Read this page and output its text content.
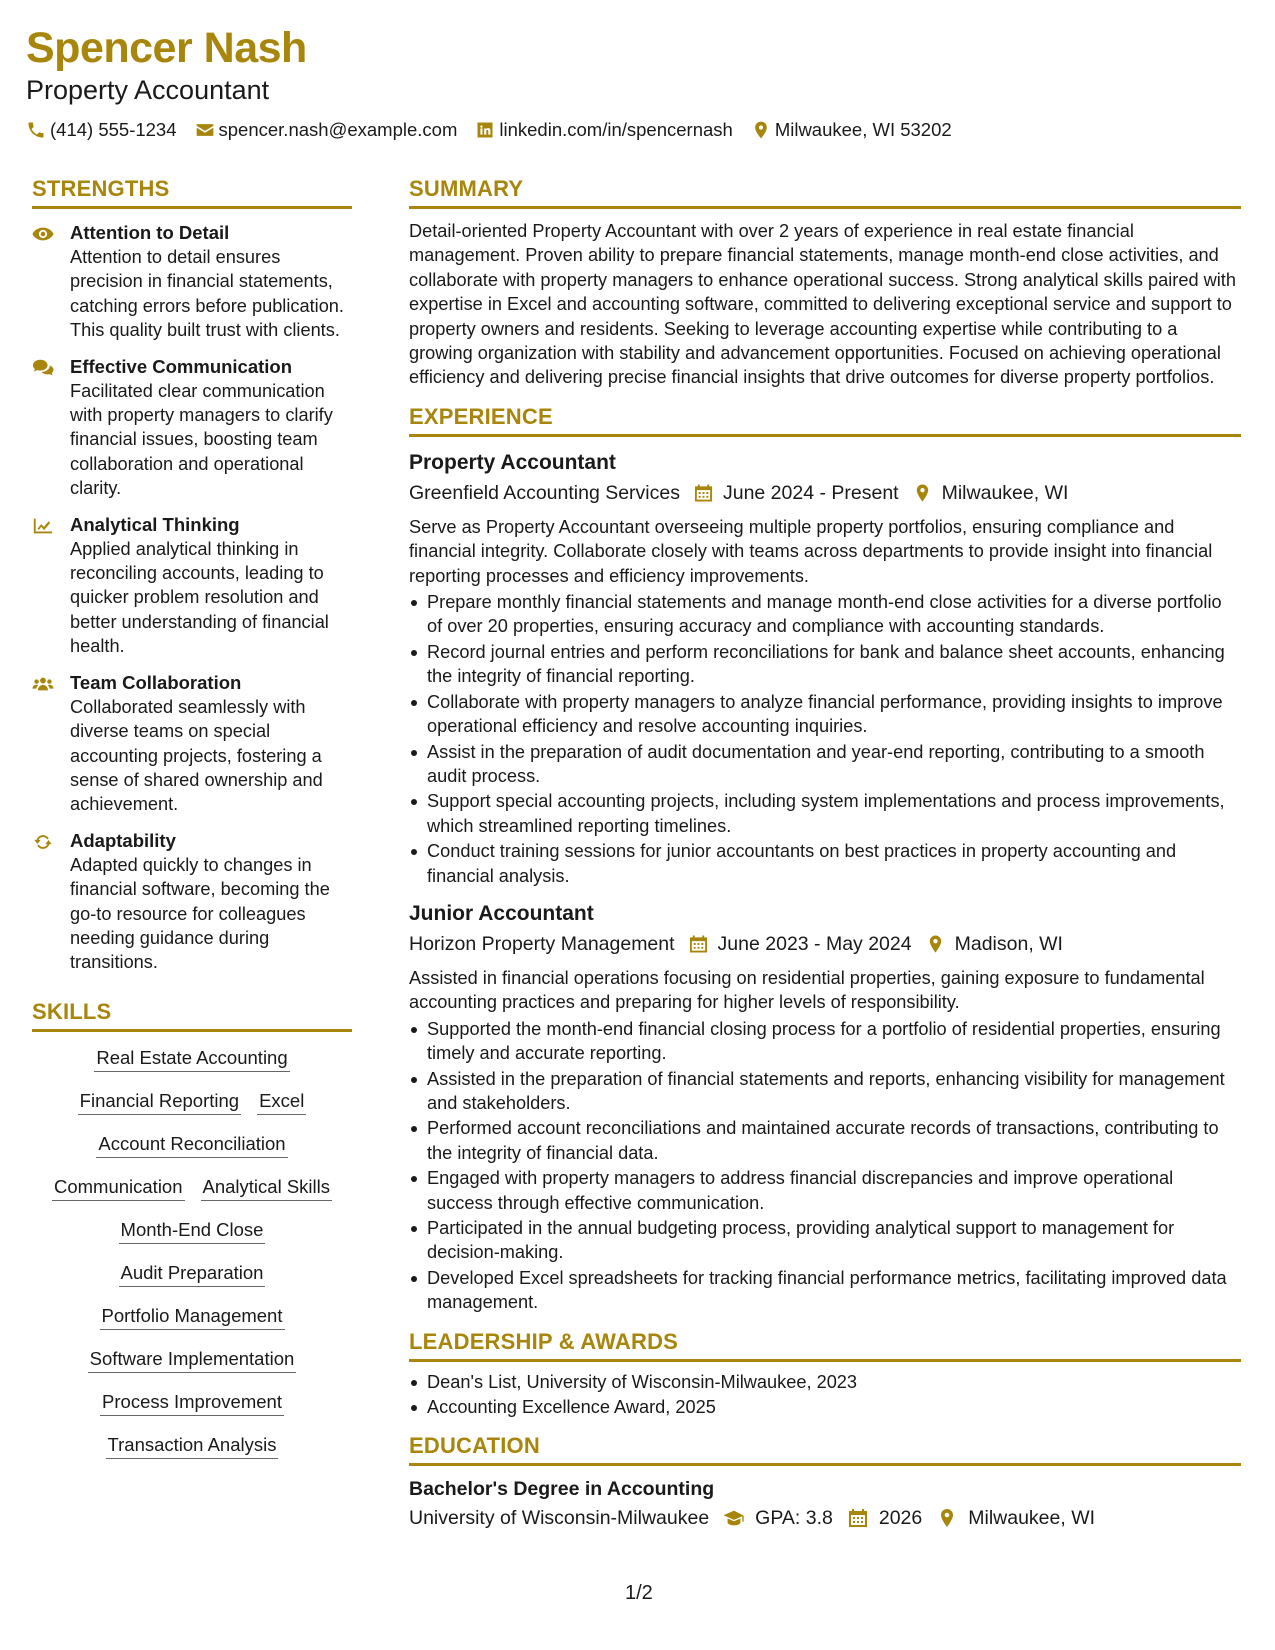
Spencer Nash
Property Accountant
(414) 555-1234 spencer.nash@example.com linkedin.com/in/spencernash Milwaukee, WI 53202
STRENGTHS
Attention to Detail
Attention to detail ensures precision in financial statements, catching errors before publication. This quality built trust with clients.
Effective Communication
Facilitated clear communication with property managers to clarify financial issues, boosting team collaboration and operational clarity.
Analytical Thinking
Applied analytical thinking in reconciling accounts, leading to quicker problem resolution and better understanding of financial health.
Team Collaboration
Collaborated seamlessly with diverse teams on special accounting projects, fostering a sense of shared ownership and achievement.
Adaptability
Adapted quickly to changes in financial software, becoming the go-to resource for colleagues needing guidance during transitions.
SKILLS
Real Estate Accounting
Financial Reporting Excel
Account Reconciliation
Communication Analytical Skills
Month-End Close
Audit Preparation
Portfolio Management
Software Implementation
Process Improvement
Transaction Analysis
SUMMARY
Detail-oriented Property Accountant with over 2 years of experience in real estate financial management. Proven ability to prepare financial statements, manage month-end close activities, and collaborate with property managers to enhance operational success. Strong analytical skills paired with expertise in Excel and accounting software, committed to delivering exceptional service and support to property owners and residents. Seeking to leverage accounting expertise while contributing to a growing organization with stability and advancement opportunities. Focused on achieving operational efficiency and delivering precise financial insights that drive outcomes for diverse property portfolios.
EXPERIENCE
Property Accountant
Greenfield Accounting Services June 2024 - Present Milwaukee, WI
Serve as Property Accountant overseeing multiple property portfolios, ensuring compliance and financial integrity. Collaborate closely with teams across departments to provide insight into financial reporting processes and efficiency improvements.
Prepare monthly financial statements and manage month-end close activities for a diverse portfolio of over 20 properties, ensuring accuracy and compliance with accounting standards.
Record journal entries and perform reconciliations for bank and balance sheet accounts, enhancing the integrity of financial reporting.
Collaborate with property managers to analyze financial performance, providing insights to improve operational efficiency and resolve accounting inquiries.
Assist in the preparation of audit documentation and year-end reporting, contributing to a smooth audit process.
Support special accounting projects, including system implementations and process improvements, which streamlined reporting timelines.
Conduct training sessions for junior accountants on best practices in property accounting and financial analysis.
Junior Accountant
Horizon Property Management June 2023 - May 2024 Madison, WI
Assisted in financial operations focusing on residential properties, gaining exposure to fundamental accounting practices and preparing for higher levels of responsibility.
Supported the month-end financial closing process for a portfolio of residential properties, ensuring timely and accurate reporting.
Assisted in the preparation of financial statements and reports, enhancing visibility for management and stakeholders.
Performed account reconciliations and maintained accurate records of transactions, contributing to the integrity of financial data.
Engaged with property managers to address financial discrepancies and improve operational success through effective communication.
Participated in the annual budgeting process, providing analytical support to management for decision-making.
Developed Excel spreadsheets for tracking financial performance metrics, facilitating improved data management.
LEADERSHIP & AWARDS
Dean's List, University of Wisconsin-Milwaukee, 2023
Accounting Excellence Award, 2025
EDUCATION
Bachelor's Degree in Accounting
University of Wisconsin-Milwaukee GPA: 3.8 2026 Milwaukee, WI
1/2
